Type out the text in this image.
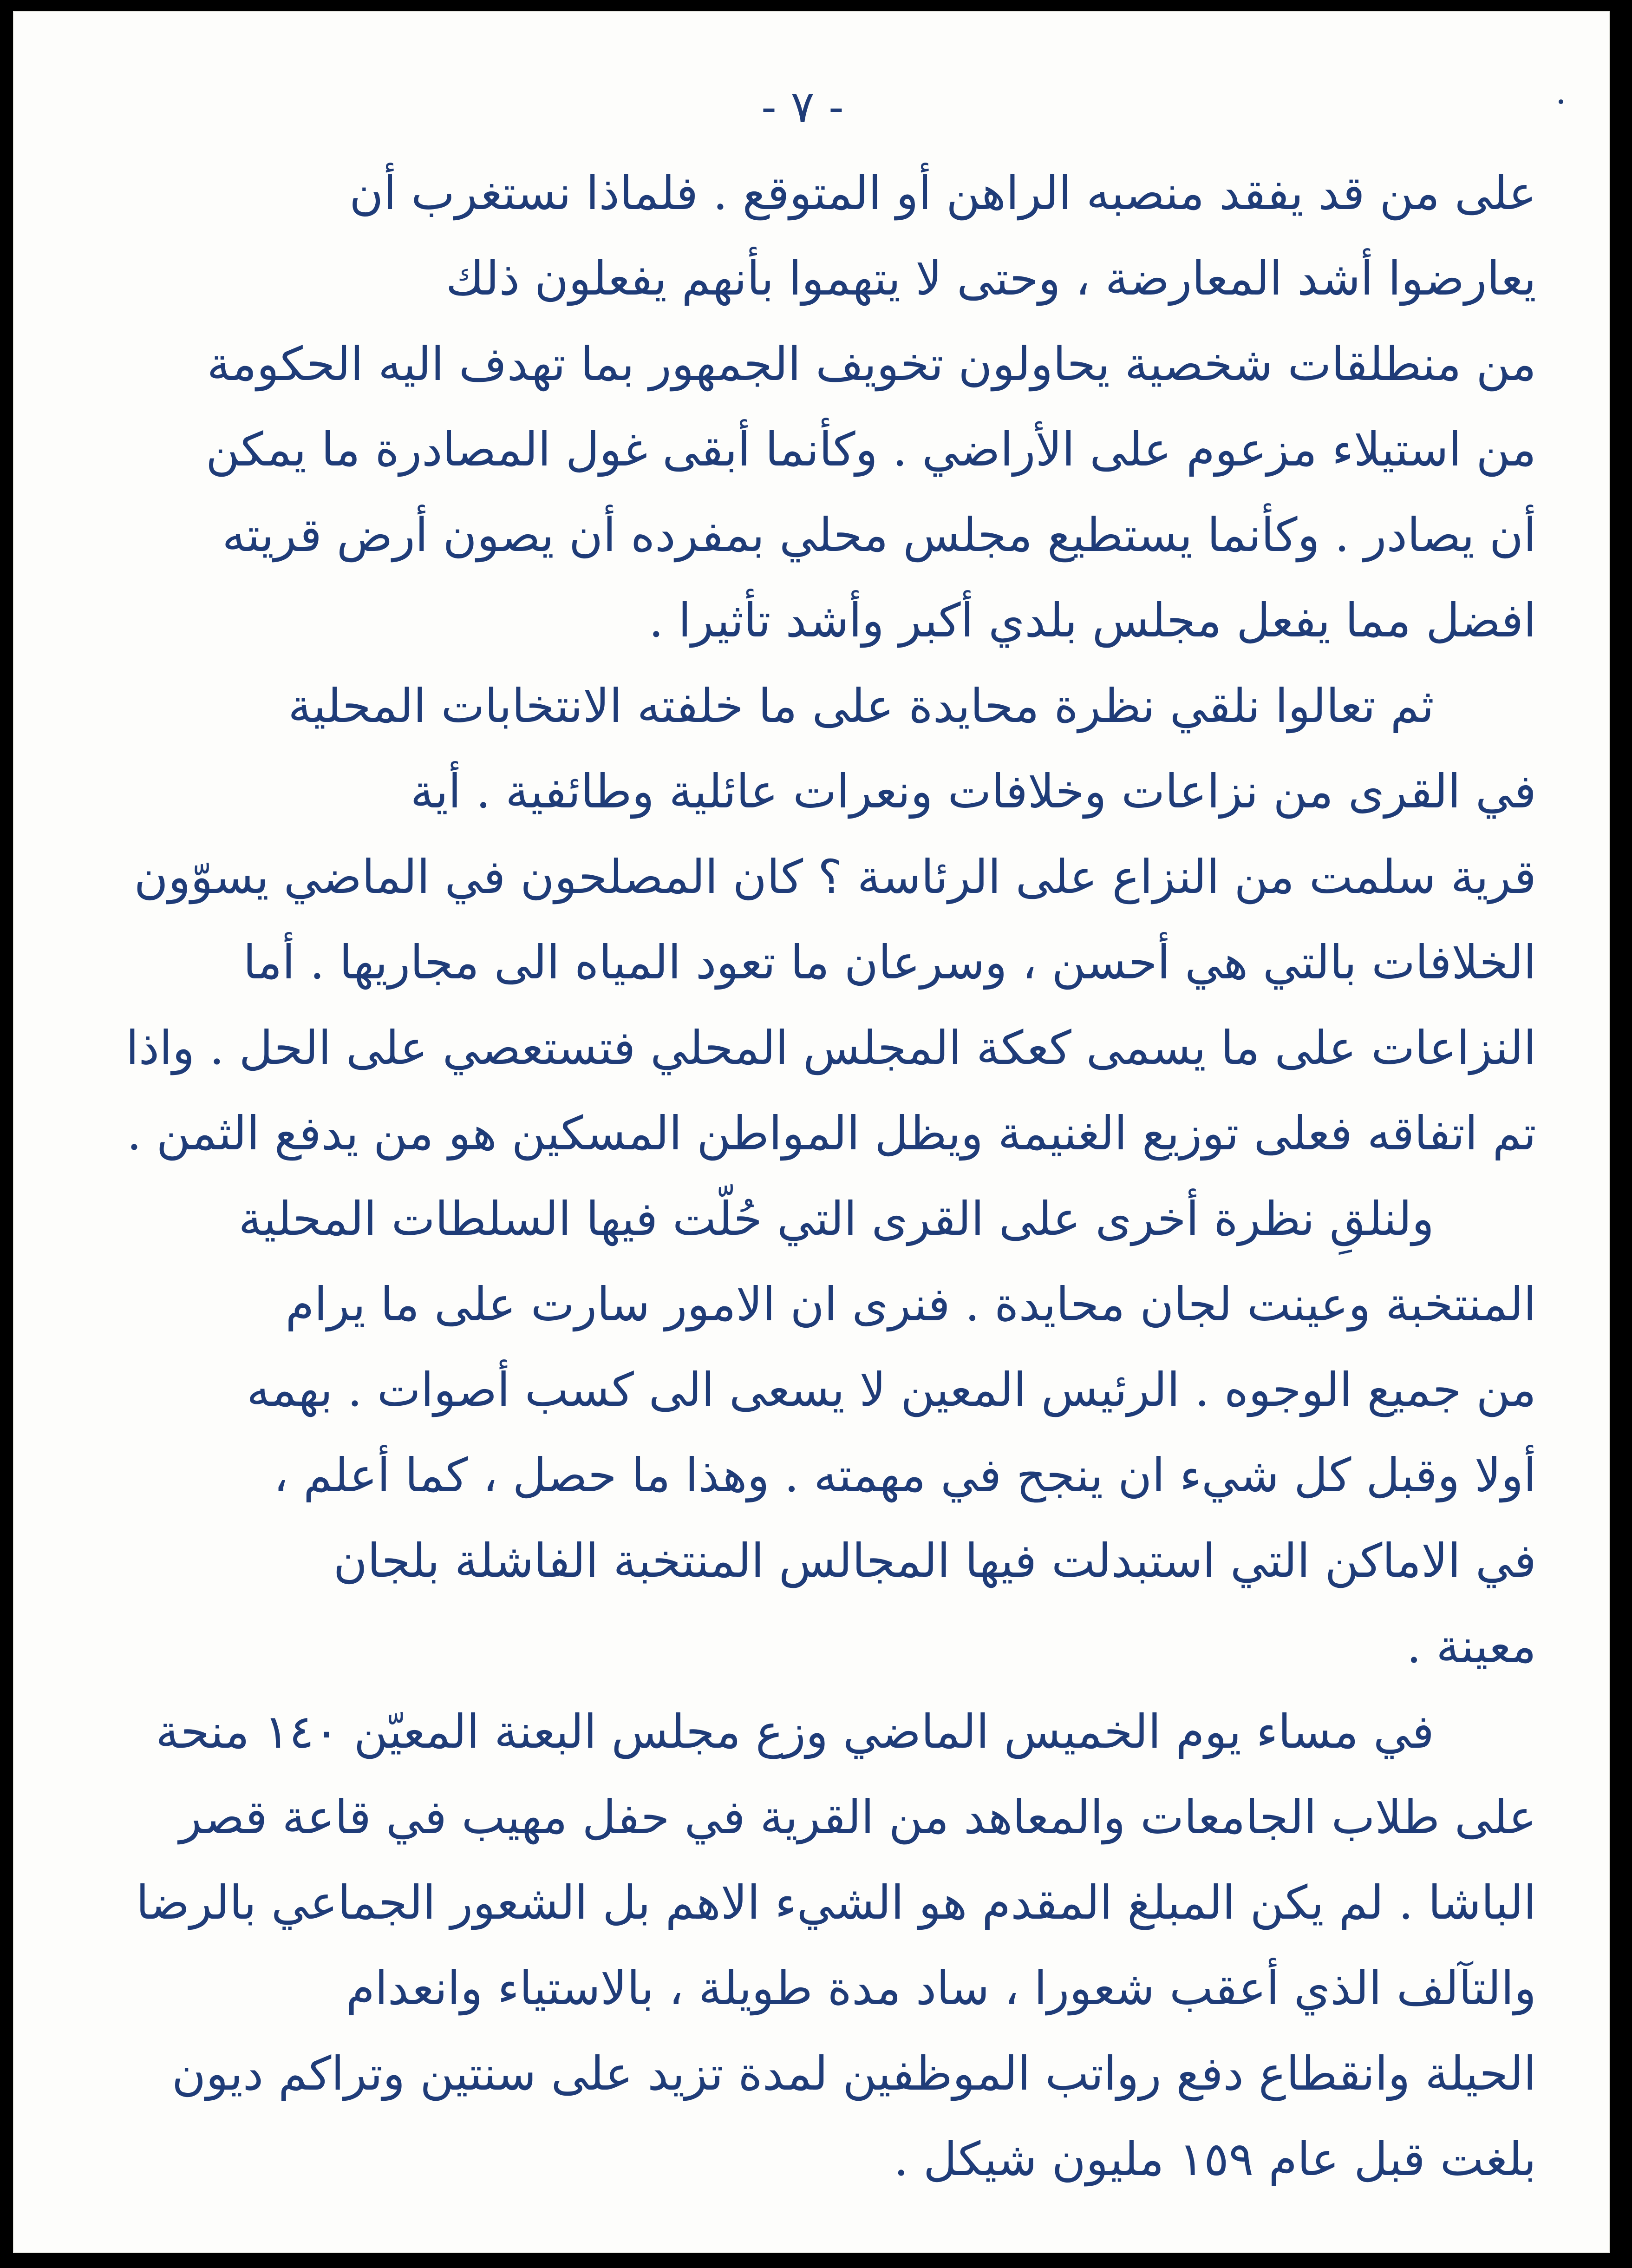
- ٧ -
على من قد يفقد منصبه الراهن أو المتوقع . فلماذا نستغرب أن
يعارضوا أشد المعارضة ، وحتى لا يتهموا بأنهم يفعلون ذلك
من منطلقات شخصية يحاولون تخويف الجمهور بما تهدف اليه الحكومة
من استيلاء مزعوم على الأراضي . وكأنما أبقى غول المصادرة ما يمكن
أن يصادر . وكأنما يستطيع مجلس محلي بمفرده أن يصون أرض قريته
افضل مما يفعل مجلس بلدي أكبر وأشد تأثيرا .
ثم تعالوا نلقي نظرة محايدة على ما خلفته الانتخابات المحلية
في القرى من نزاعات وخلافات ونعرات عائلية وطائفية . أية
قرية سلمت من النزاع على الرئاسة ؟ كان المصلحون في الماضي يسوّون
الخلافات بالتي هي أحسن ، وسرعان ما تعود المياه الى مجاريها . أما
النزاعات على ما يسمى كعكة المجلس المحلي فتستعصي على الحل . واذا
تم اتفاقه فعلى توزيع الغنيمة ويظل المواطن المسكين هو من يدفع الثمن .
ولنلقِ نظرة أخرى على القرى التي حُلّت فيها السلطات المحلية
المنتخبة وعينت لجان محايدة . فنرى ان الامور سارت على ما يرام
من جميع الوجوه . الرئيس المعين لا يسعى الى كسب أصوات . بهمه
أولا وقبل كل شيء ان ينجح في مهمته . وهذا ما حصل ، كما أعلم ،
في الاماكن التي استبدلت فيها المجالس المنتخبة الفاشلة بلجان
معينة .
في مساء يوم الخميس الماضي وزع مجلس البعنة المعيّن ١٤٠ منحة
على طلاب الجامعات والمعاهد من القرية في حفل مهيب في قاعة قصر
الباشا . لم يكن المبلغ المقدم هو الشيء الاهم بل الشعور الجماعي بالرضا
والتآلف الذي أعقب شعورا ، ساد مدة طويلة ، بالاستياء وانعدام
الحيلة وانقطاع دفع رواتب الموظفين لمدة تزيد على سنتين وتراكم ديون
بلغت قبل عام ١٥٩ مليون شيكل .
